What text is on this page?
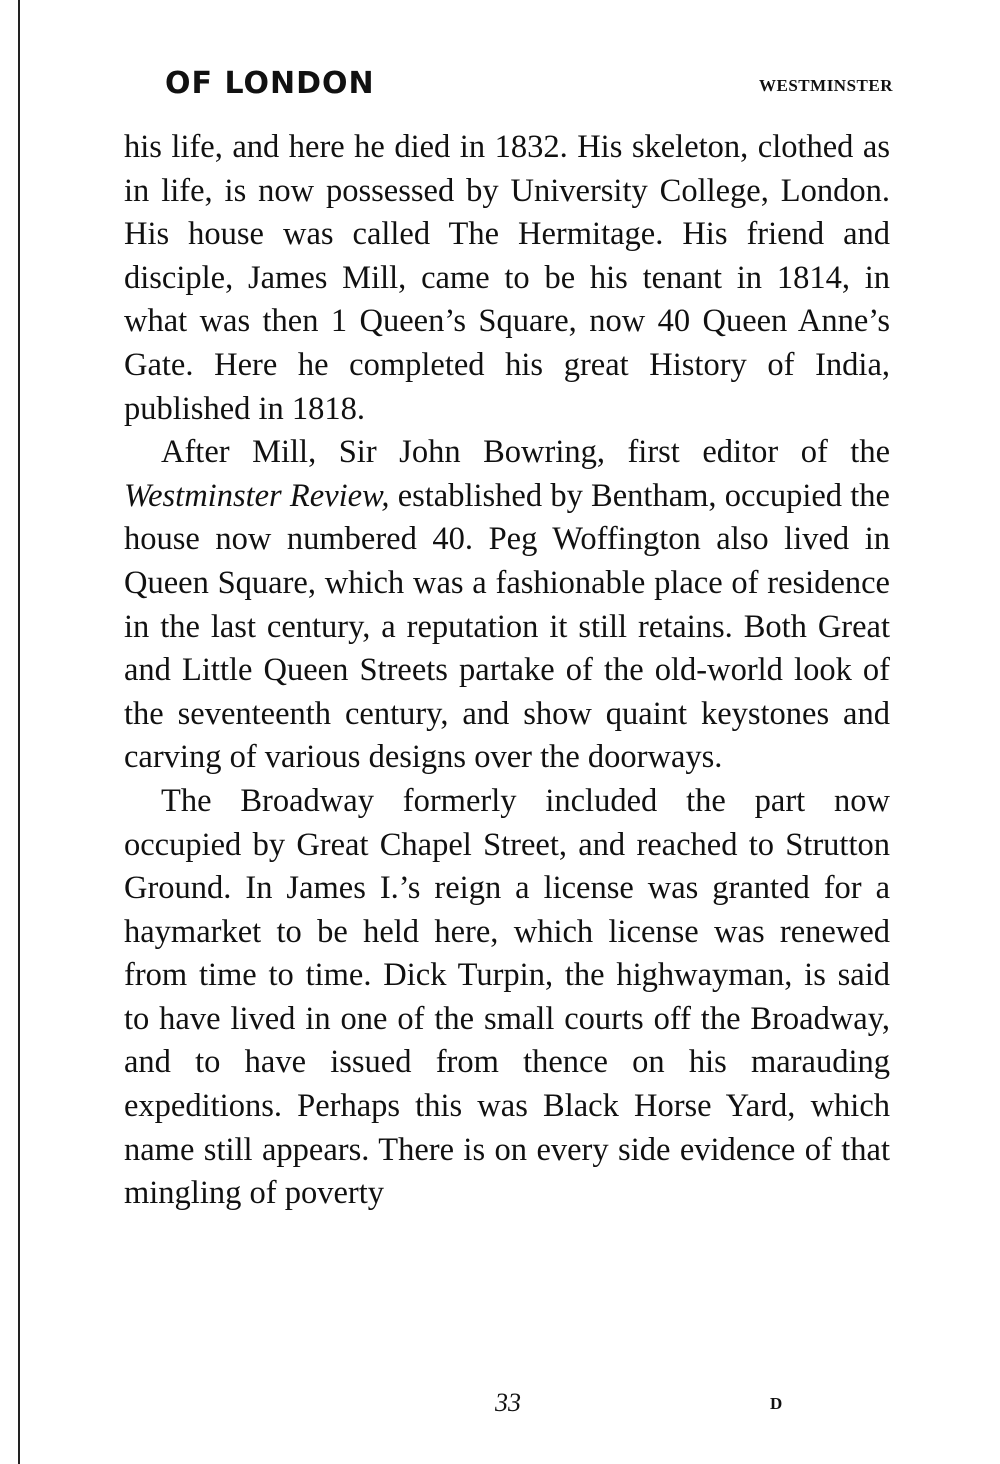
OF LONDON	WESTMINSTER

his life, and here he died in 1832. His skeleton, clothed as in life, is now possessed by University College, London. His house was called The Hermitage. His friend and disciple, James Mill, came to be his tenant in 1814, in what was then 1 Queen’s Square, now 40 Queen Anne’s Gate. Here he completed his great History of India, published in 1818.

After Mill, Sir John Bowring, first editor of the Westminster Review, established by Bentham, occupied the house now numbered 40. Peg Woffington also lived in Queen Square, which was a fashionable place of residence in the last century, a reputation it still retains. Both Great and Little Queen Streets partake of the old-world look of the seventeenth century, and show quaint keystones and carving of various designs over the doorways.

The Broadway formerly included the part now occupied by Great Chapel Street, and reached to Strutton Ground. In James I.’s reign a license was granted for a haymarket to be held here, which license was renewed from time to time. Dick Turpin, the highwayman, is said to have lived in one of the small courts off the Broadway, and to have issued from thence on his marauding expeditions. Perhaps this was Black Horse Yard, which name still appears. There is on every side evidence of that mingling of poverty

33	D
